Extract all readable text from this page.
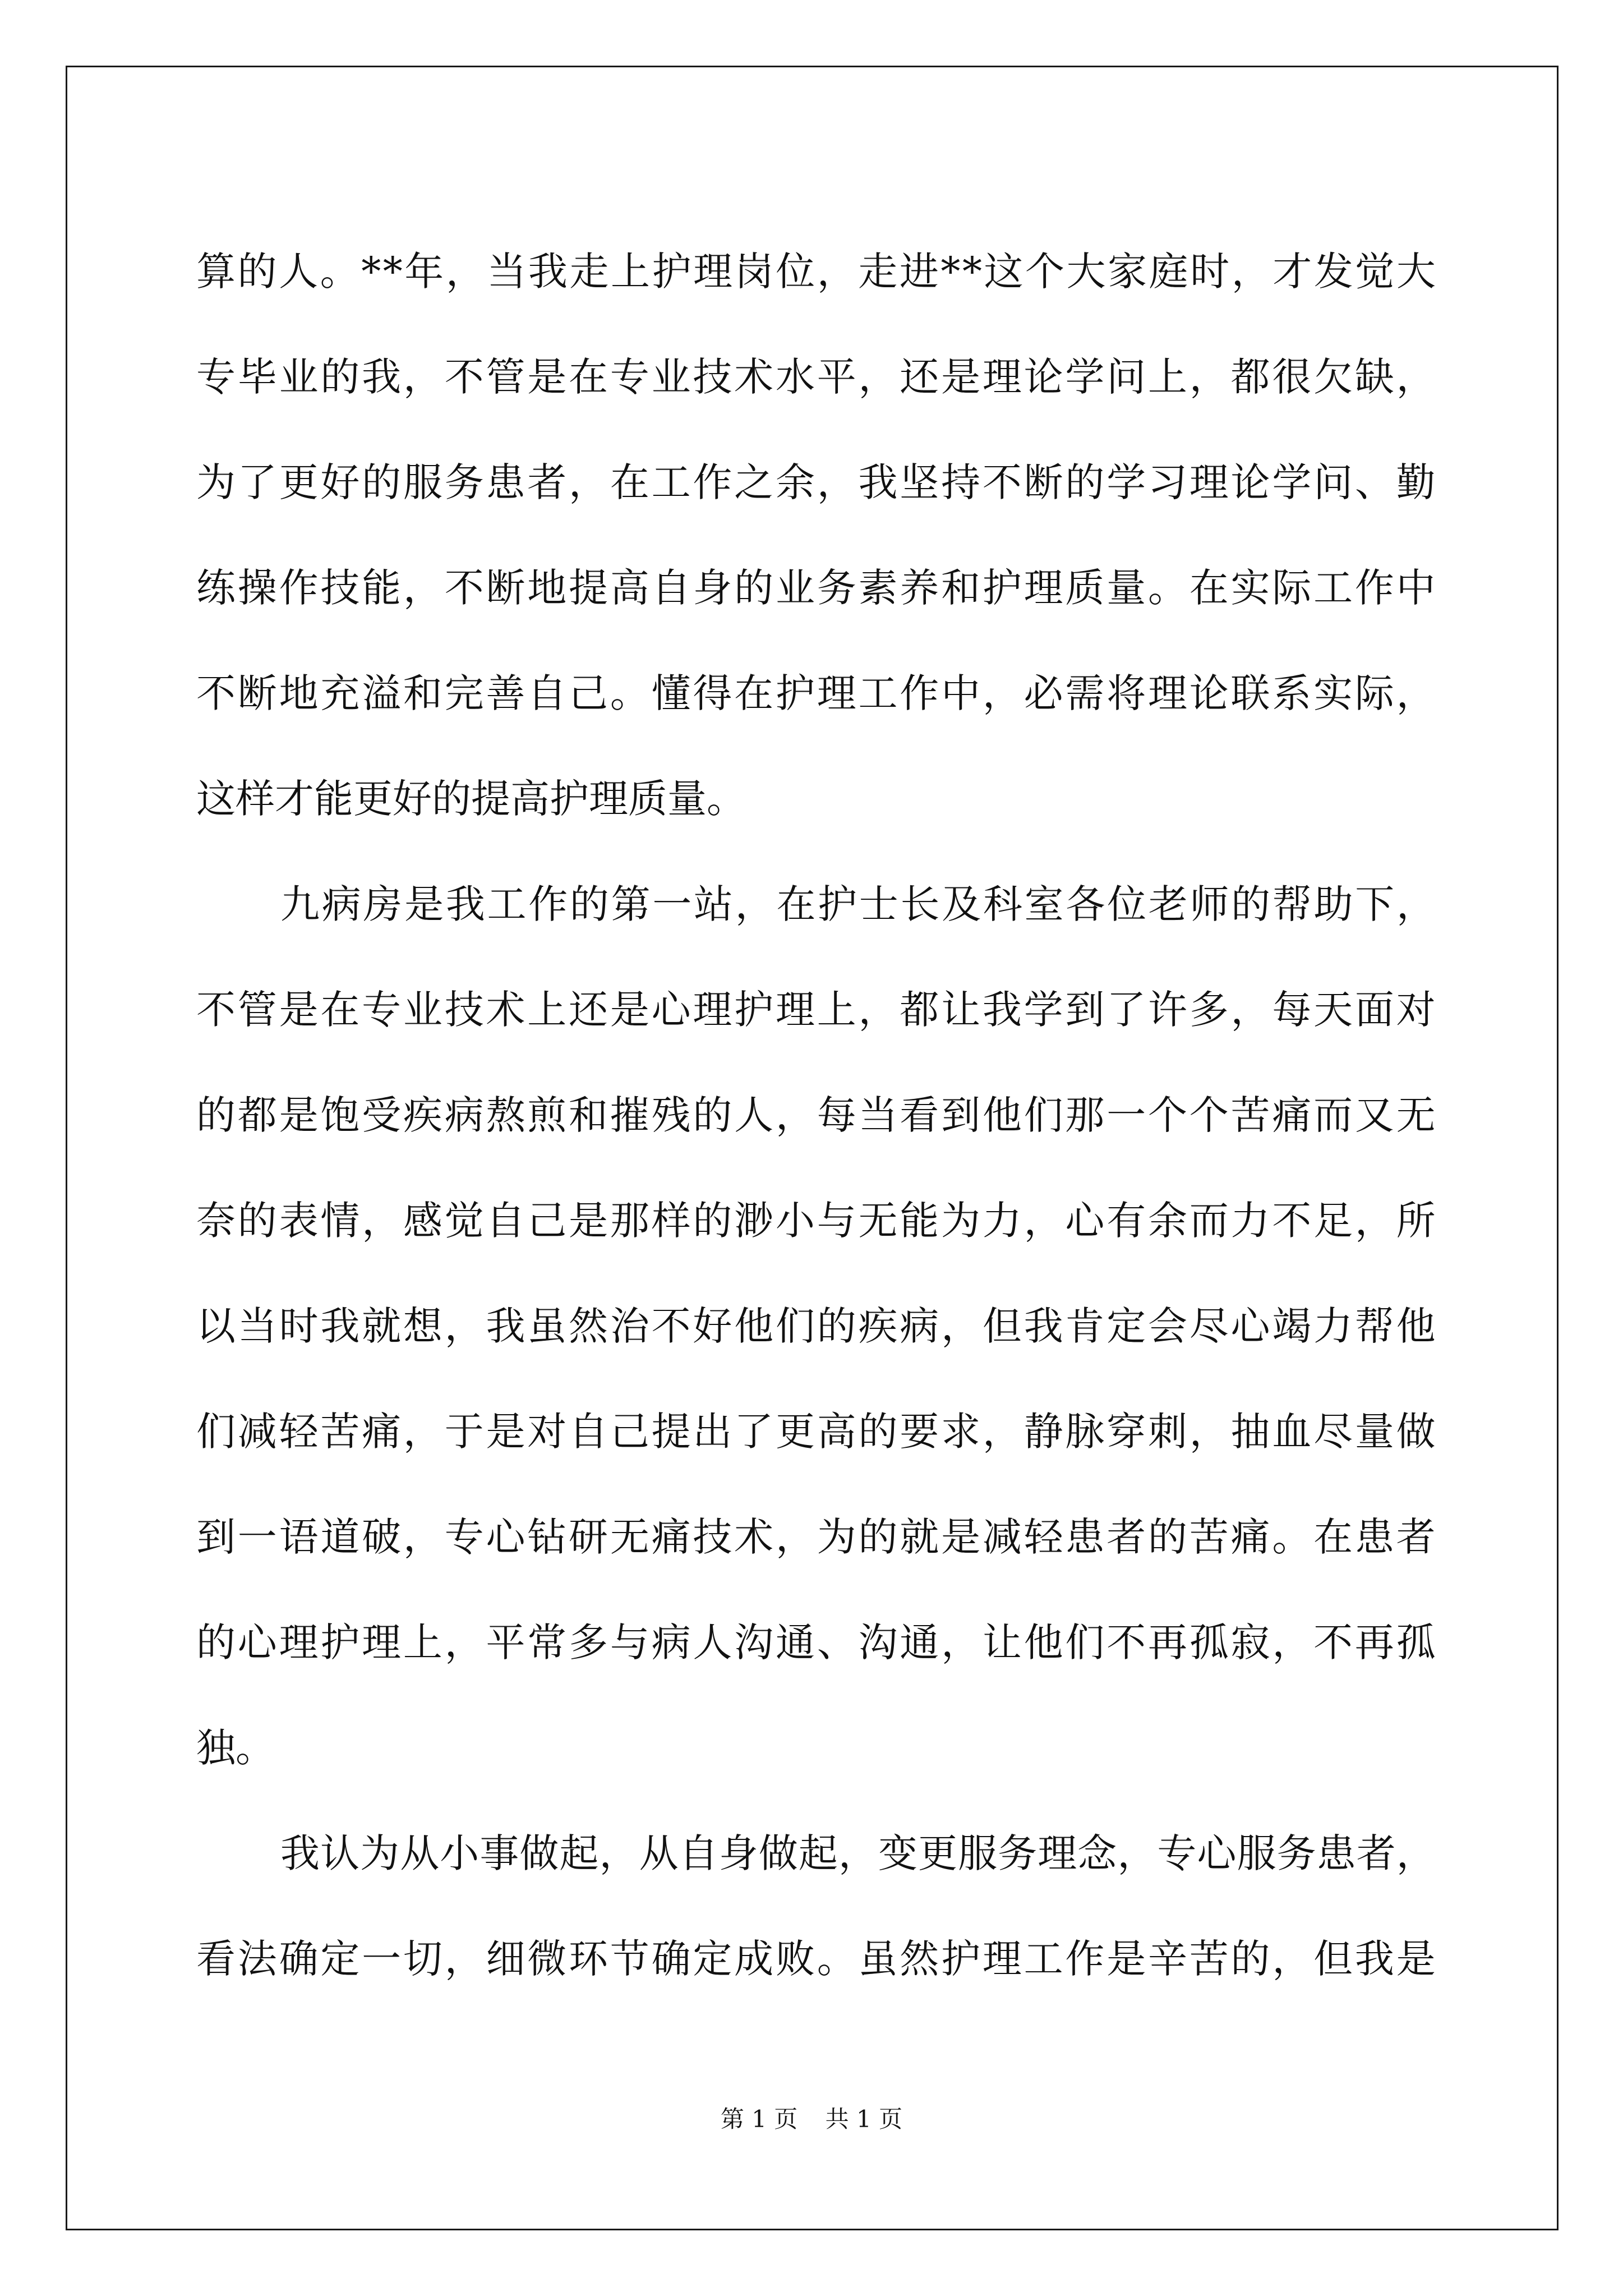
算 的 人 。 * * 年 ， 当 我 走 上 护 理 岗 位 ， 走 进 * * 这 个 大 家 庭 时 ， 才 发 觉 大
专 毕 业 的 我 ， 不 管 是 在 专 业 技 术 水 平 ， 还 是 理 论 学 问 上 ， 都 很 欠 缺 ，
为 了 更 好 的 服 务 患 者 ， 在 工 作 之 余 ， 我 坚 持 不 断 的 学 习 理 论 学 问 、 勤
练 操 作 技 能 ， 不 断 地 提 高 自 身 的 业 务 素 养 和 护 理 质 量 。 在 实 际 工 作 中
不 断 地 充 溢 和 完 善 自 己 。 懂 得 在 护 理 工 作 中 ， 必 需 将 理 论 联 系 实 际 ，
这样才能更好的提高护理质量。
九 病 房 是 我 工 作 的 第 一 站 ， 在 护 士 长 及 科 室 各 位 老 师 的 帮 助 下 ，
不 管 是 在 专 业 技 术 上 还 是 心 理 护 理 上 ， 都 让 我 学 到 了 许 多 ， 每 天 面 对
的 都 是 饱 受 疾 病 熬 煎 和 摧 残 的 人 ， 每 当 看 到 他 们 那 一 个 个 苦 痛 而 又 无
奈 的 表 情 ， 感 觉 自 己 是 那 样 的 渺 小 与 无 能 为 力 ， 心 有 余 而 力 不 足 ， 所
以 当 时 我 就 想 ， 我 虽 然 治 不 好 他 们 的 疾 病 ， 但 我 肯 定 会 尽 心 竭 力 帮 他
们 减 轻 苦 痛 ， 于 是 对 自 己 提 出 了 更 高 的 要 求 ， 静 脉 穿 刺 ， 抽 血 尽 量 做
到 一 语 道 破 ， 专 心 钻 研 无 痛 技 术 ， 为 的 就 是 减 轻 患 者 的 苦 痛 。 在 患 者
的 心 理 护 理 上 ， 平 常 多 与 病 人 沟 通 、 沟 通 ， 让 他 们 不 再 孤 寂 ， 不 再 孤
独。
我 认 为 从 小 事 做 起 ， 从 自 身 做 起 ， 变 更 服 务 理 念 ， 专 心 服 务 患 者 ，
看 法 确 定 一 切 ， 细 微 环 节 确 定 成 败 。 虽 然 护 理 工 作 是 辛 苦 的 ， 但 我 是
第 1 页 共 1 页
